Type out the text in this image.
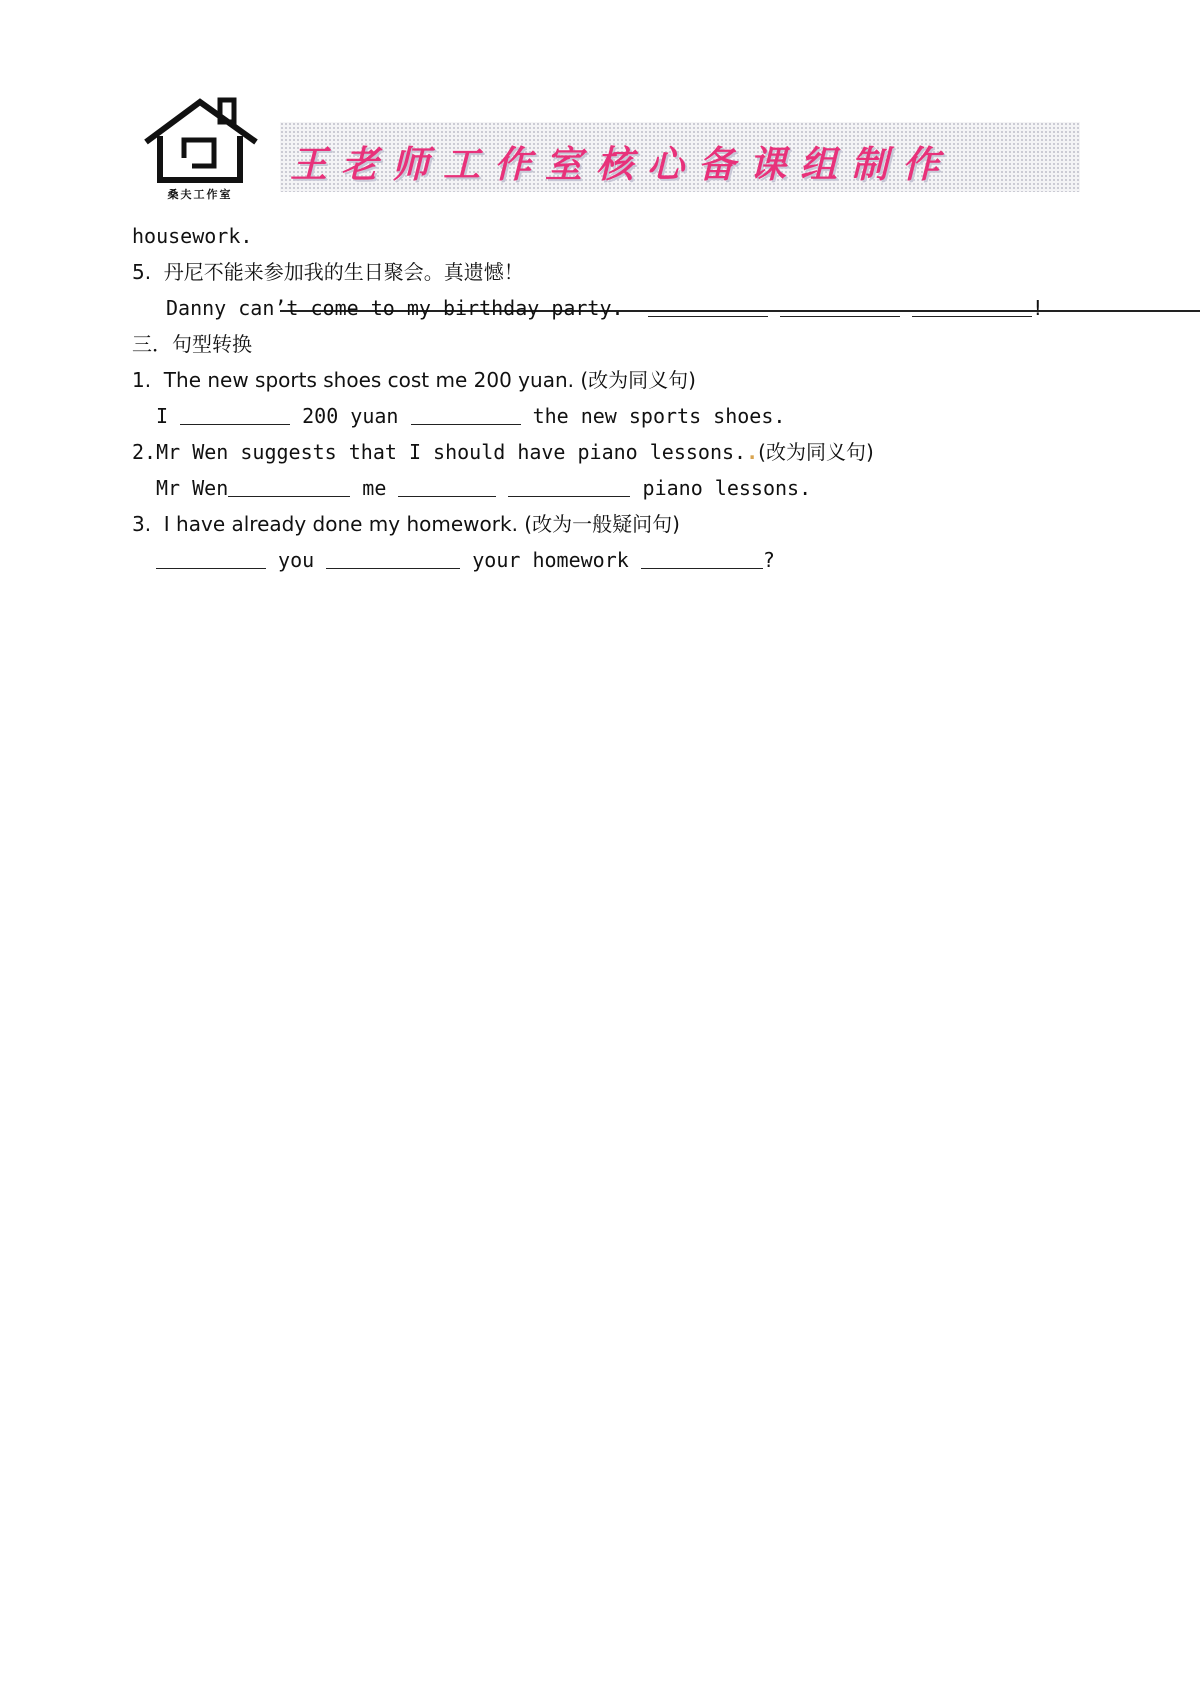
桑夫工作室
王老师工作室核心备课组制作
housework.
5.  丹尼不能来参加我的生日聚会。真遗憾！
Danny can’t come to my birthday party.	!
三．句型转换
1.  The new sports shoes cost me 200 yuan. (改为同义句)
I	200 yuan	the new sports shoes.
2.Mr Wen suggests that I should have piano lessons..(改为同义句)
Mr Wen	me	piano lessons.
3.  I have already done my homework. (改为一般疑问句)
you	your homework	?
